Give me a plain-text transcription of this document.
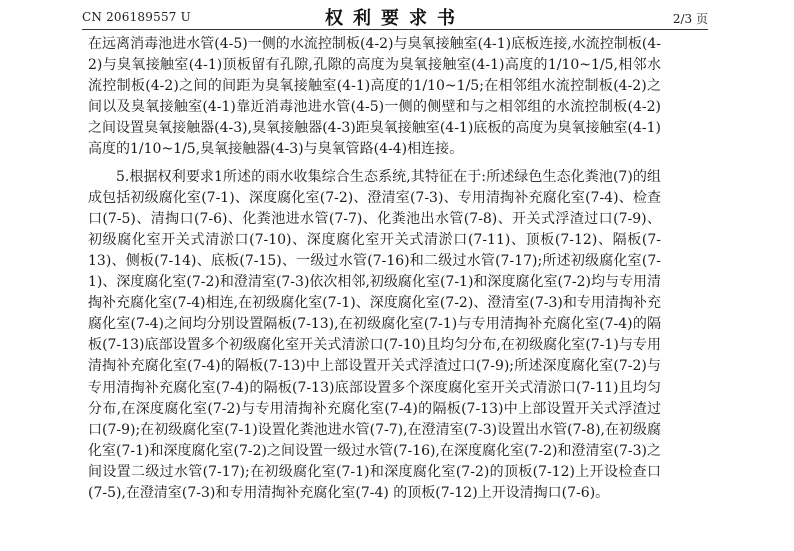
CN 206189557 U	权利要求书	2/3 页

在远离消毒池进水管(4-5)一侧的水流控制板(4-2)与臭氧接触室(4-1)底板连接,水流控制板(4-2)与臭氧接触室(4-1)顶板留有孔隙,孔隙的高度为臭氧接触室(4-1)高度的1/10~1/5,相邻水流控制板(4-2)之间的间距为臭氧接触室(4-1)高度的1/10~1/5;在相邻组水流控制板(4-2)之间以及臭氧接触室(4-1)靠近消毒池进水管(4-5)一侧的侧壁和与之相邻组的水流控制板(4-2)之间设置臭氧接触器(4-3),臭氧接触器(4-3)距臭氧接触室(4-1)底板的高度为臭氧接触室(4-1)高度的1/10~1/5,臭氧接触器(4-3)与臭氧管路(4-4)相连接。

5.根据权利要求1所述的雨水收集综合生态系统,其特征在于:所述绿色生态化粪池(7)的组成包括初级腐化室(7-1)、深度腐化室(7-2)、澄清室(7-3)、专用清掏补充腐化室(7-4)、检查口(7-5)、清掏口(7-6)、化粪池进水管(7-7)、化粪池出水管(7-8)、开关式浮渣过口(7-9)、初级腐化室开关式清淤口(7-10)、深度腐化室开关式清淤口(7-11)、顶板(7-12)、隔板(7-13)、侧板(7-14)、底板(7-15)、一级过水管(7-16)和二级过水管(7-17);所述初级腐化室(7-1)、深度腐化室(7-2)和澄清室(7-3)依次相邻,初级腐化室(7-1)和深度腐化室(7-2)均与专用清掏补充腐化室(7-4)相连,在初级腐化室(7-1)、深度腐化室(7-2)、澄清室(7-3)和专用清掏补充腐化室(7-4)之间均分别设置隔板(7-13),在初级腐化室(7-1)与专用清掏补充腐化室(7-4)的隔板(7-13)底部设置多个初级腐化室开关式清淤口(7-10)且均匀分布,在初级腐化室(7-1)与专用清掏补充腐化室(7-4)的隔板(7-13)中上部设置开关式浮渣过口(7-9);所述深度腐化室(7-2)与专用清掏补充腐化室(7-4)的隔板(7-13)底部设置多个深度腐化室开关式清淤口(7-11)且均匀分布,在深度腐化室(7-2)与专用清掏补充腐化室(7-4)的隔板(7-13)中上部设置开关式浮渣过口(7-9);在初级腐化室(7-1)设置化粪池进水管(7-7),在澄清室(7-3)设置出水管(7-8),在初级腐化室(7-1)和深度腐化室(7-2)之间设置一级过水管(7-16),在深度腐化室(7-2)和澄清室(7-3)之间设置二级过水管(7-17);在初级腐化室(7-1)和深度腐化室(7-2)的顶板(7-12)上开设检查口(7-5),在澄清室(7-3)和专用清掏补充腐化室(7-4) 的顶板(7-12)上开设清掏口(7-6)。
